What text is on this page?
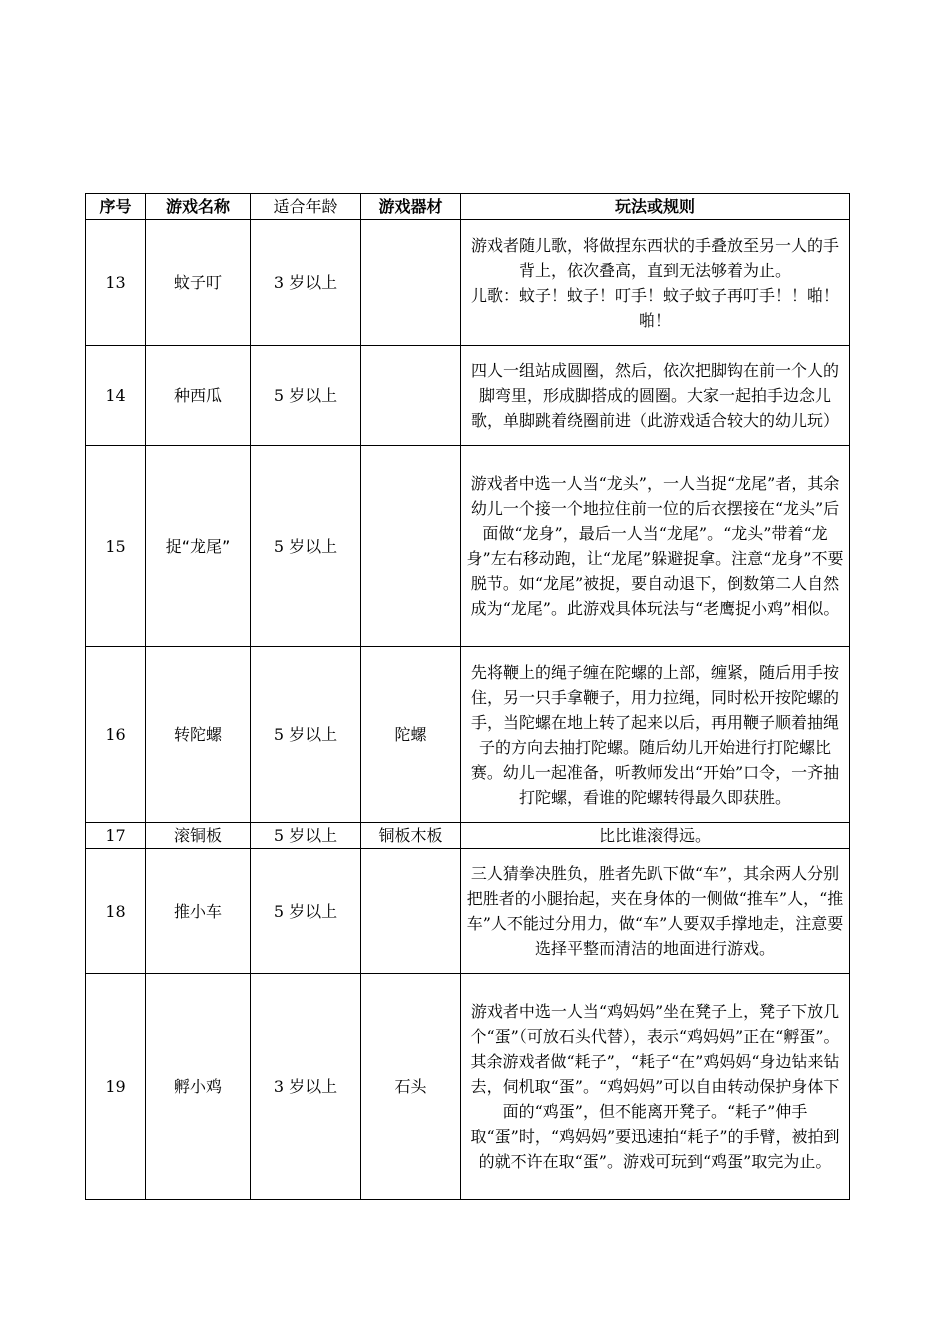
序号	游戏名称	适合年龄	游戏器材	玩法或规则
13	蚊子叮	3 岁以上		游戏者随儿歌，将做捏东西状的手叠放至另一人的手背上，依次叠高，直到无法够着为止。
儿歌：蚊子！蚊子！叮手！蚊子蚊子再叮手！！啪！啪！

14	种西瓜	5 岁以上		四人一组站成圆圈，然后，依次把脚钩在前一个人的脚弯里，形成脚搭成的圆圈。大家一起拍手边念儿歌，单脚跳着绕圈前进（此游戏适合较大的幼儿玩）

15	捉“龙尾”	5 岁以上		游戏者中选一人当“龙头”，一人当捉“龙尾”者，其余幼儿一个接一个地拉住前一位的后衣摆接在“龙头”后面做“龙身”，最后一人当“龙尾”。“龙头”带着“龙身”左右移动跑，让“龙尾”躲避捉拿。注意“龙身”不要脱节。如“龙尾”被捉，要自动退下，倒数第二人自然成为“龙尾”。此游戏具体玩法与“老鹰捉小鸡”相似。

16	转陀螺	5 岁以上	陀螺	先将鞭上的绳子缠在陀螺的上部，缠紧，随后用手按住，另一只手拿鞭子，用力拉绳，同时松开按陀螺的手，当陀螺在地上转了起来以后，再用鞭子顺着抽绳子的方向去抽打陀螺。随后幼儿开始进行打陀螺比赛。幼儿一起准备，听教师发出“开始”口令，一齐抽打陀螺，看谁的陀螺转得最久即获胜。

17	滚铜板	5 岁以上	铜板木板	比比谁滚得远。

18	推小车	5 岁以上		三人猜拳决胜负，胜者先趴下做“车”，其余两人分别把胜者的小腿抬起，夹在身体的一侧做“推车”人，“推车”人不能过分用力，做“车”人要双手撑地走，注意要选择平整而清洁的地面进行游戏。

19	孵小鸡	3 岁以上	石头	游戏者中选一人当“鸡妈妈”坐在凳子上，凳子下放几个“蛋”（可放石头代替），表示“鸡妈妈”正在“孵蛋”。其余游戏者做“耗子”，“耗子“在”鸡妈妈“身边钻来钻去，伺机取“蛋”。“鸡妈妈”可以自由转动保护身体下面的“鸡蛋”，但不能离开凳子。“耗子”伸手取“蛋”时，“鸡妈妈”要迅速拍“耗子”的手臂，被拍到的就不许在取“蛋”。游戏可玩到“鸡蛋”取完为止。
